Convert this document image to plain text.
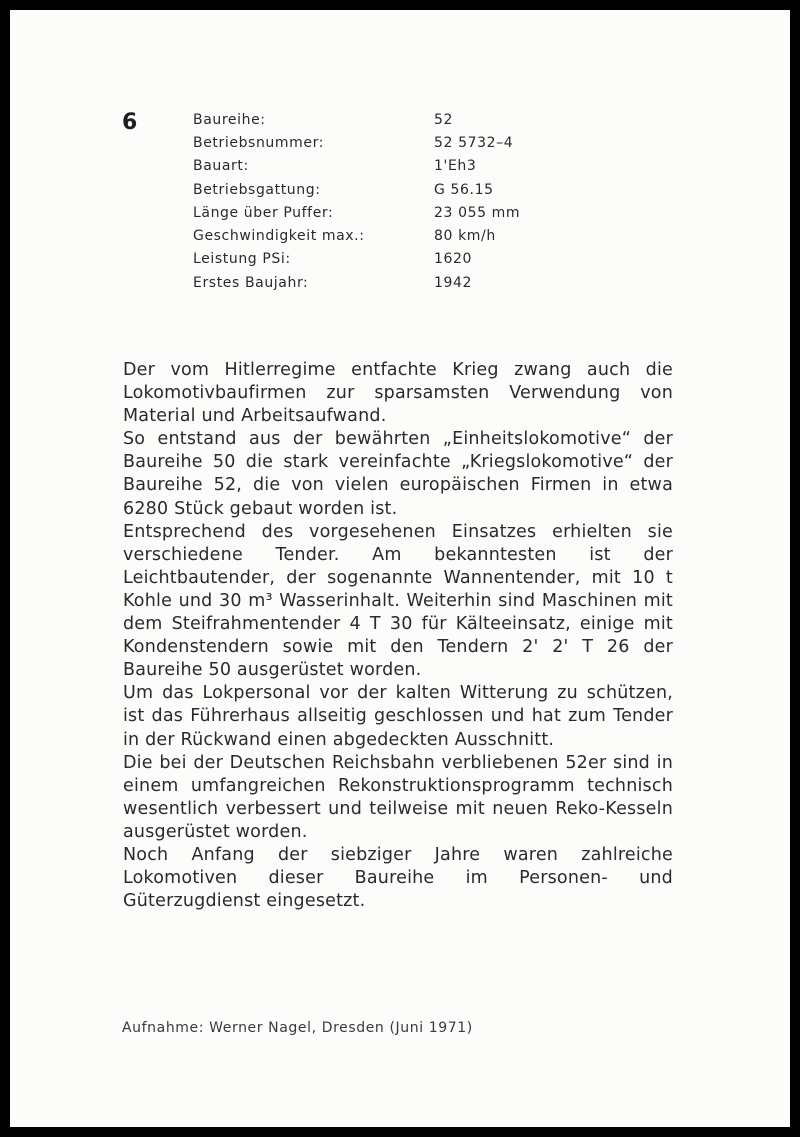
6	Baureihe:	52
Betriebsnummer:	52 5732–4
Bauart:	1'Eh3
Betriebsgattung:	G 56.15
Länge über Puffer:	23 055 mm
Geschwindigkeit max.:	80 km/h
Leistung PSi:	1620
Erstes Baujahr:	1942

Der vom Hitlerregime entfachte Krieg zwang auch die Lokomotivbaufirmen zur sparsamsten Verwendung von Material und Arbeitsaufwand.

So entstand aus der bewährten „Einheitslokomotive“ der Baureihe 50 die stark vereinfachte „Kriegslokomotive“ der Baureihe 52, die von vielen europäischen Firmen in etwa 6280 Stück gebaut worden ist.

Entsprechend des vorgesehenen Einsatzes erhielten sie verschiedene Tender. Am bekanntesten ist der Leichtbautender, der sogenannte Wannentender, mit 10 t Kohle und 30 m³ Wasserinhalt. Weiterhin sind Maschinen mit dem Steifrahmentender 4 T 30 für Kälteeinsatz, einige mit Kondenstendern sowie mit den Tendern 2' 2' T 26 der Baureihe 50 ausgerüstet worden.

Um das Lokpersonal vor der kalten Witterung zu schützen, ist das Führerhaus allseitig geschlossen und hat zum Tender in der Rückwand einen abgedeckten Ausschnitt.

Die bei der Deutschen Reichsbahn verbliebenen 52er sind in einem umfangreichen Rekonstruktionsprogramm technisch wesentlich verbessert und teilweise mit neuen Reko-Kesseln ausgerüstet worden.

Noch Anfang der siebziger Jahre waren zahlreiche Lokomotiven dieser Baureihe im Personen- und Güterzugdienst eingesetzt.

Aufnahme: Werner Nagel, Dresden (Juni 1971)
